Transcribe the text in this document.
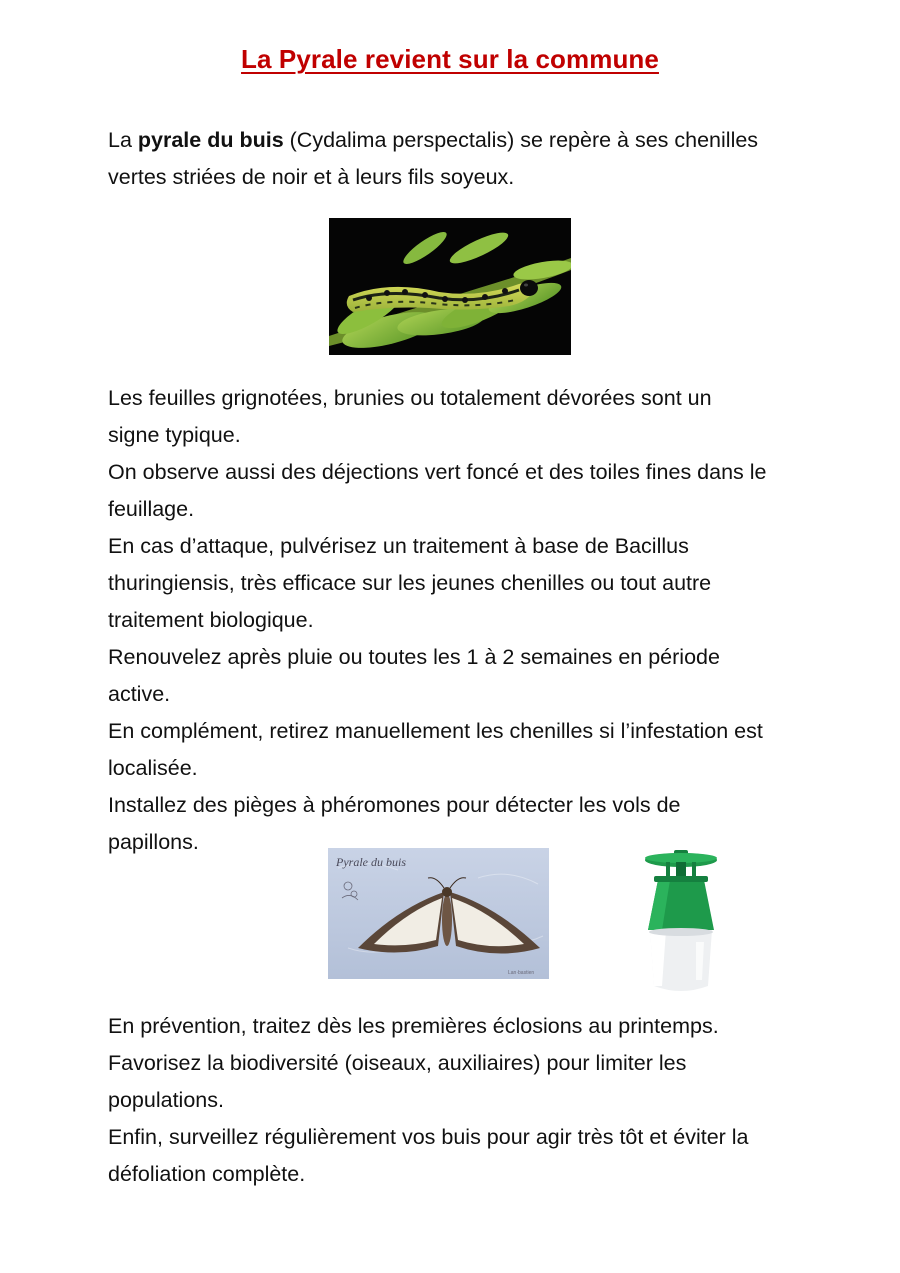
La Pyrale revient sur la commune

La pyrale du buis (Cydalima perspectalis) se repère à ses chenilles
vertes striées de noir et à leurs fils soyeux.

Les feuilles grignotées, brunies ou totalement dévorées sont un
signe typique.
On observe aussi des déjections vert foncé et des toiles fines dans le
feuillage.
En cas d’attaque, pulvérisez un traitement à base de Bacillus
thuringiensis, très efficace sur les jeunes chenilles ou tout autre
traitement biologique.
Renouvelez après pluie ou toutes les 1 à 2 semaines en période
active.
En complément, retirez manuellement les chenilles si l’infestation est
localisée.
Installez des pièges à phéromones pour détecter les vols de
papillons.

Pyrale du buis
Lan·bastien

En prévention, traitez dès les premières éclosions au printemps.
Favorisez la biodiversité (oiseaux, auxiliaires) pour limiter les
populations.
Enfin, surveillez régulièrement vos buis pour agir très tôt et éviter la
défoliation complète.
